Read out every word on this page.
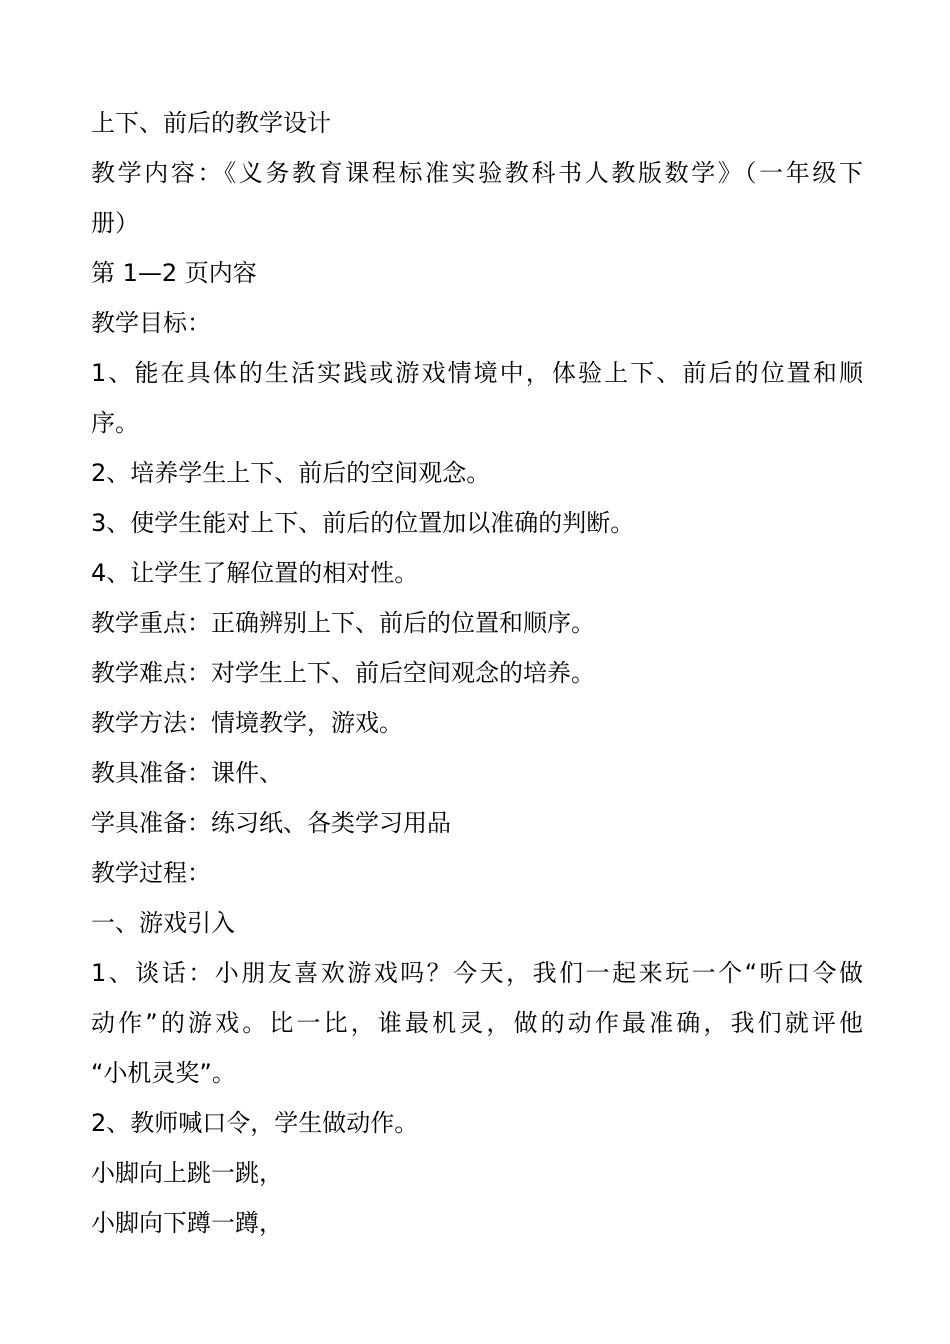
上下、前后的教学设计
教学内容：《义务教育课程标准实验教科书人教版数学》（一年级下
册）
第 1—2 页内容
教学目标：
1、能在具体的生活实践或游戏情境中，体验上下、前后的位置和顺
序。
2、培养学生上下、前后的空间观念。
3、使学生能对上下、前后的位置加以准确的判断。
4、让学生了解位置的相对性。
教学重点：正确辨别上下、前后的位置和顺序。
教学难点：对学生上下、前后空间观念的培养。
教学方法：情境教学，游戏。
教具准备：课件、
学具准备：练习纸、各类学习用品
教学过程：
一、游戏引入
1、谈话：小朋友喜欢游戏吗？今天，我们一起来玩一个“听口令做
动作”的游戏。比一比，谁最机灵，做的动作最准确，我们就评他
“小机灵奖”。
2、教师喊口令，学生做动作。
小脚向上跳一跳，
小脚向下蹲一蹲，
